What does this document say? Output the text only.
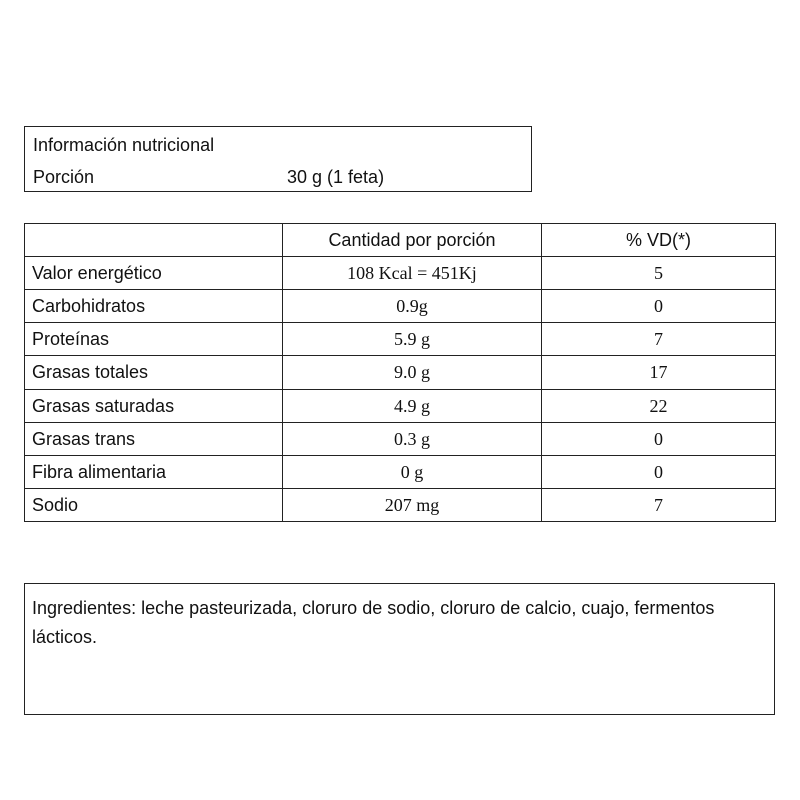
Información nutricional
Porción	30 g (1 feta)
	Cantidad por porción	% VD(*)
Valor energético	108 Kcal = 451Kj	5
Carbohidratos	0.9g	0
Proteínas	5.9 g	7
Grasas totales	9.0 g	17
Grasas saturadas	4.9 g	22
Grasas trans	0.3 g	0
Fibra alimentaria	0 g	0
Sodio	207 mg	7
Ingredientes: leche pasteurizada, cloruro de sodio, cloruro de calcio, cuajo, fermentos lácticos.
